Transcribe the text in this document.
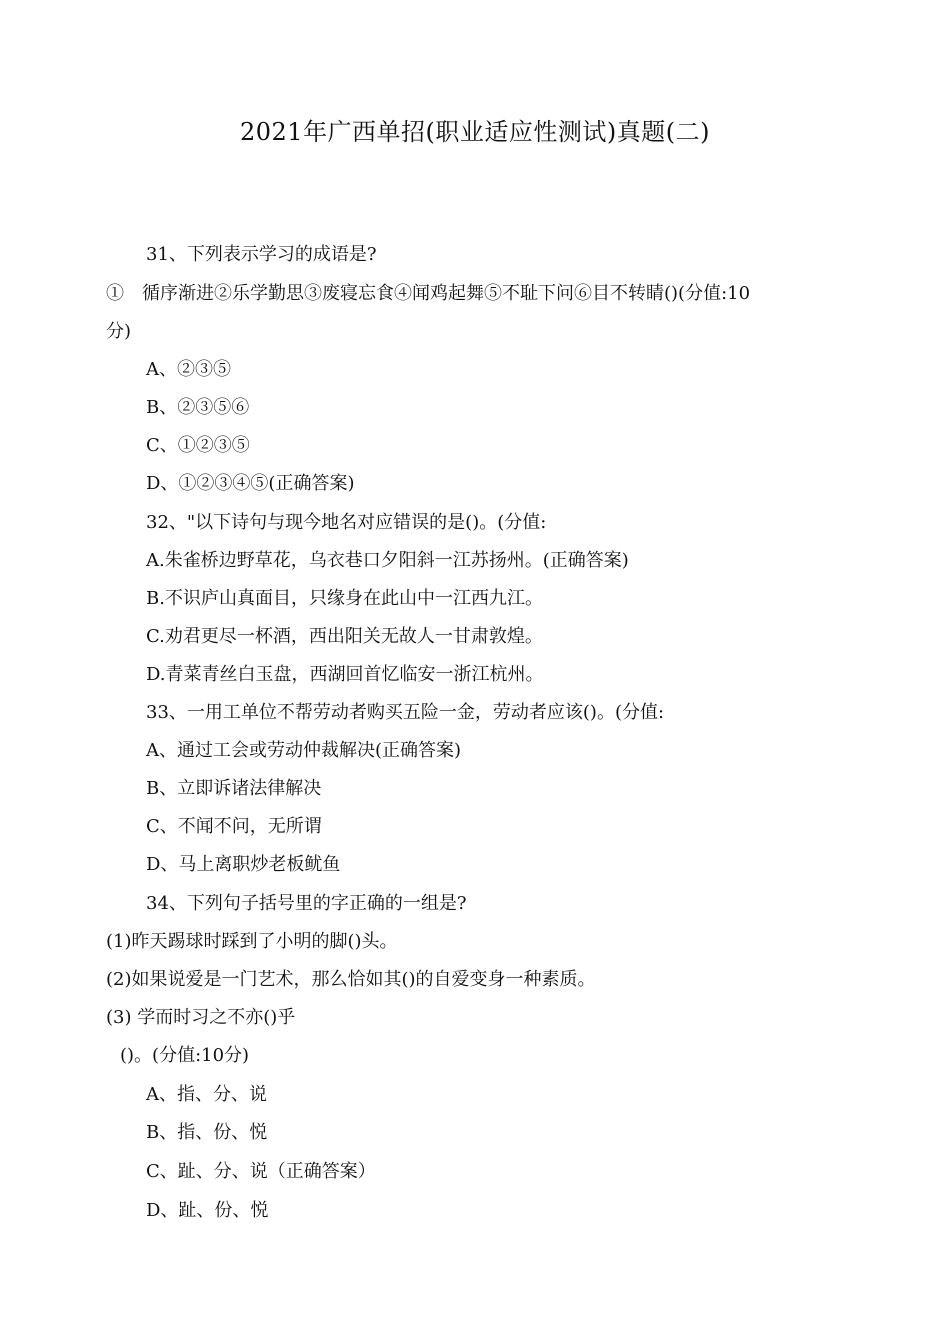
2021年广西单招(职业适应性测试)真题(二)
31、下列表示学习的成语是?
①　循序渐进②乐学勤思③废寝忘食④闻鸡起舞⑤不耻下问⑥目不转睛()(分值:10
分)
A、②③⑤
B、②③⑤⑥
C、①②③⑤
D、①②③④⑤(正确答案)
32、"以下诗句与现今地名对应错误的是()。(分值:
A.朱雀桥边野草花，乌衣巷口夕阳斜一江苏扬州。(正确答案)
B.不识庐山真面目，只缘身在此山中一江西九江。
C.劝君更尽一杯酒，西出阳关无故人一甘肃敦煌。
D.青菜青丝白玉盘，西湖回首忆临安一浙江杭州。
33、一用工单位不帮劳动者购买五险一金，劳动者应该()。(分值:
A、通过工会或劳动仲裁解决(正确答案)
B、立即诉诸法律解决
C、不闻不问，无所谓
D、马上离职炒老板鱿鱼
34、下列句子括号里的字正确的一组是?
(1)昨天踢球时踩到了小明的脚()头。
(2)如果说爱是一门艺术，那么恰如其()的自爱变身一种素质。
(3) 学而时习之不亦()乎
()。(分值:10分)
A、指、分、说
B、指、份、悦
C、趾、分、说（正确答案）
D、趾、份、悦
